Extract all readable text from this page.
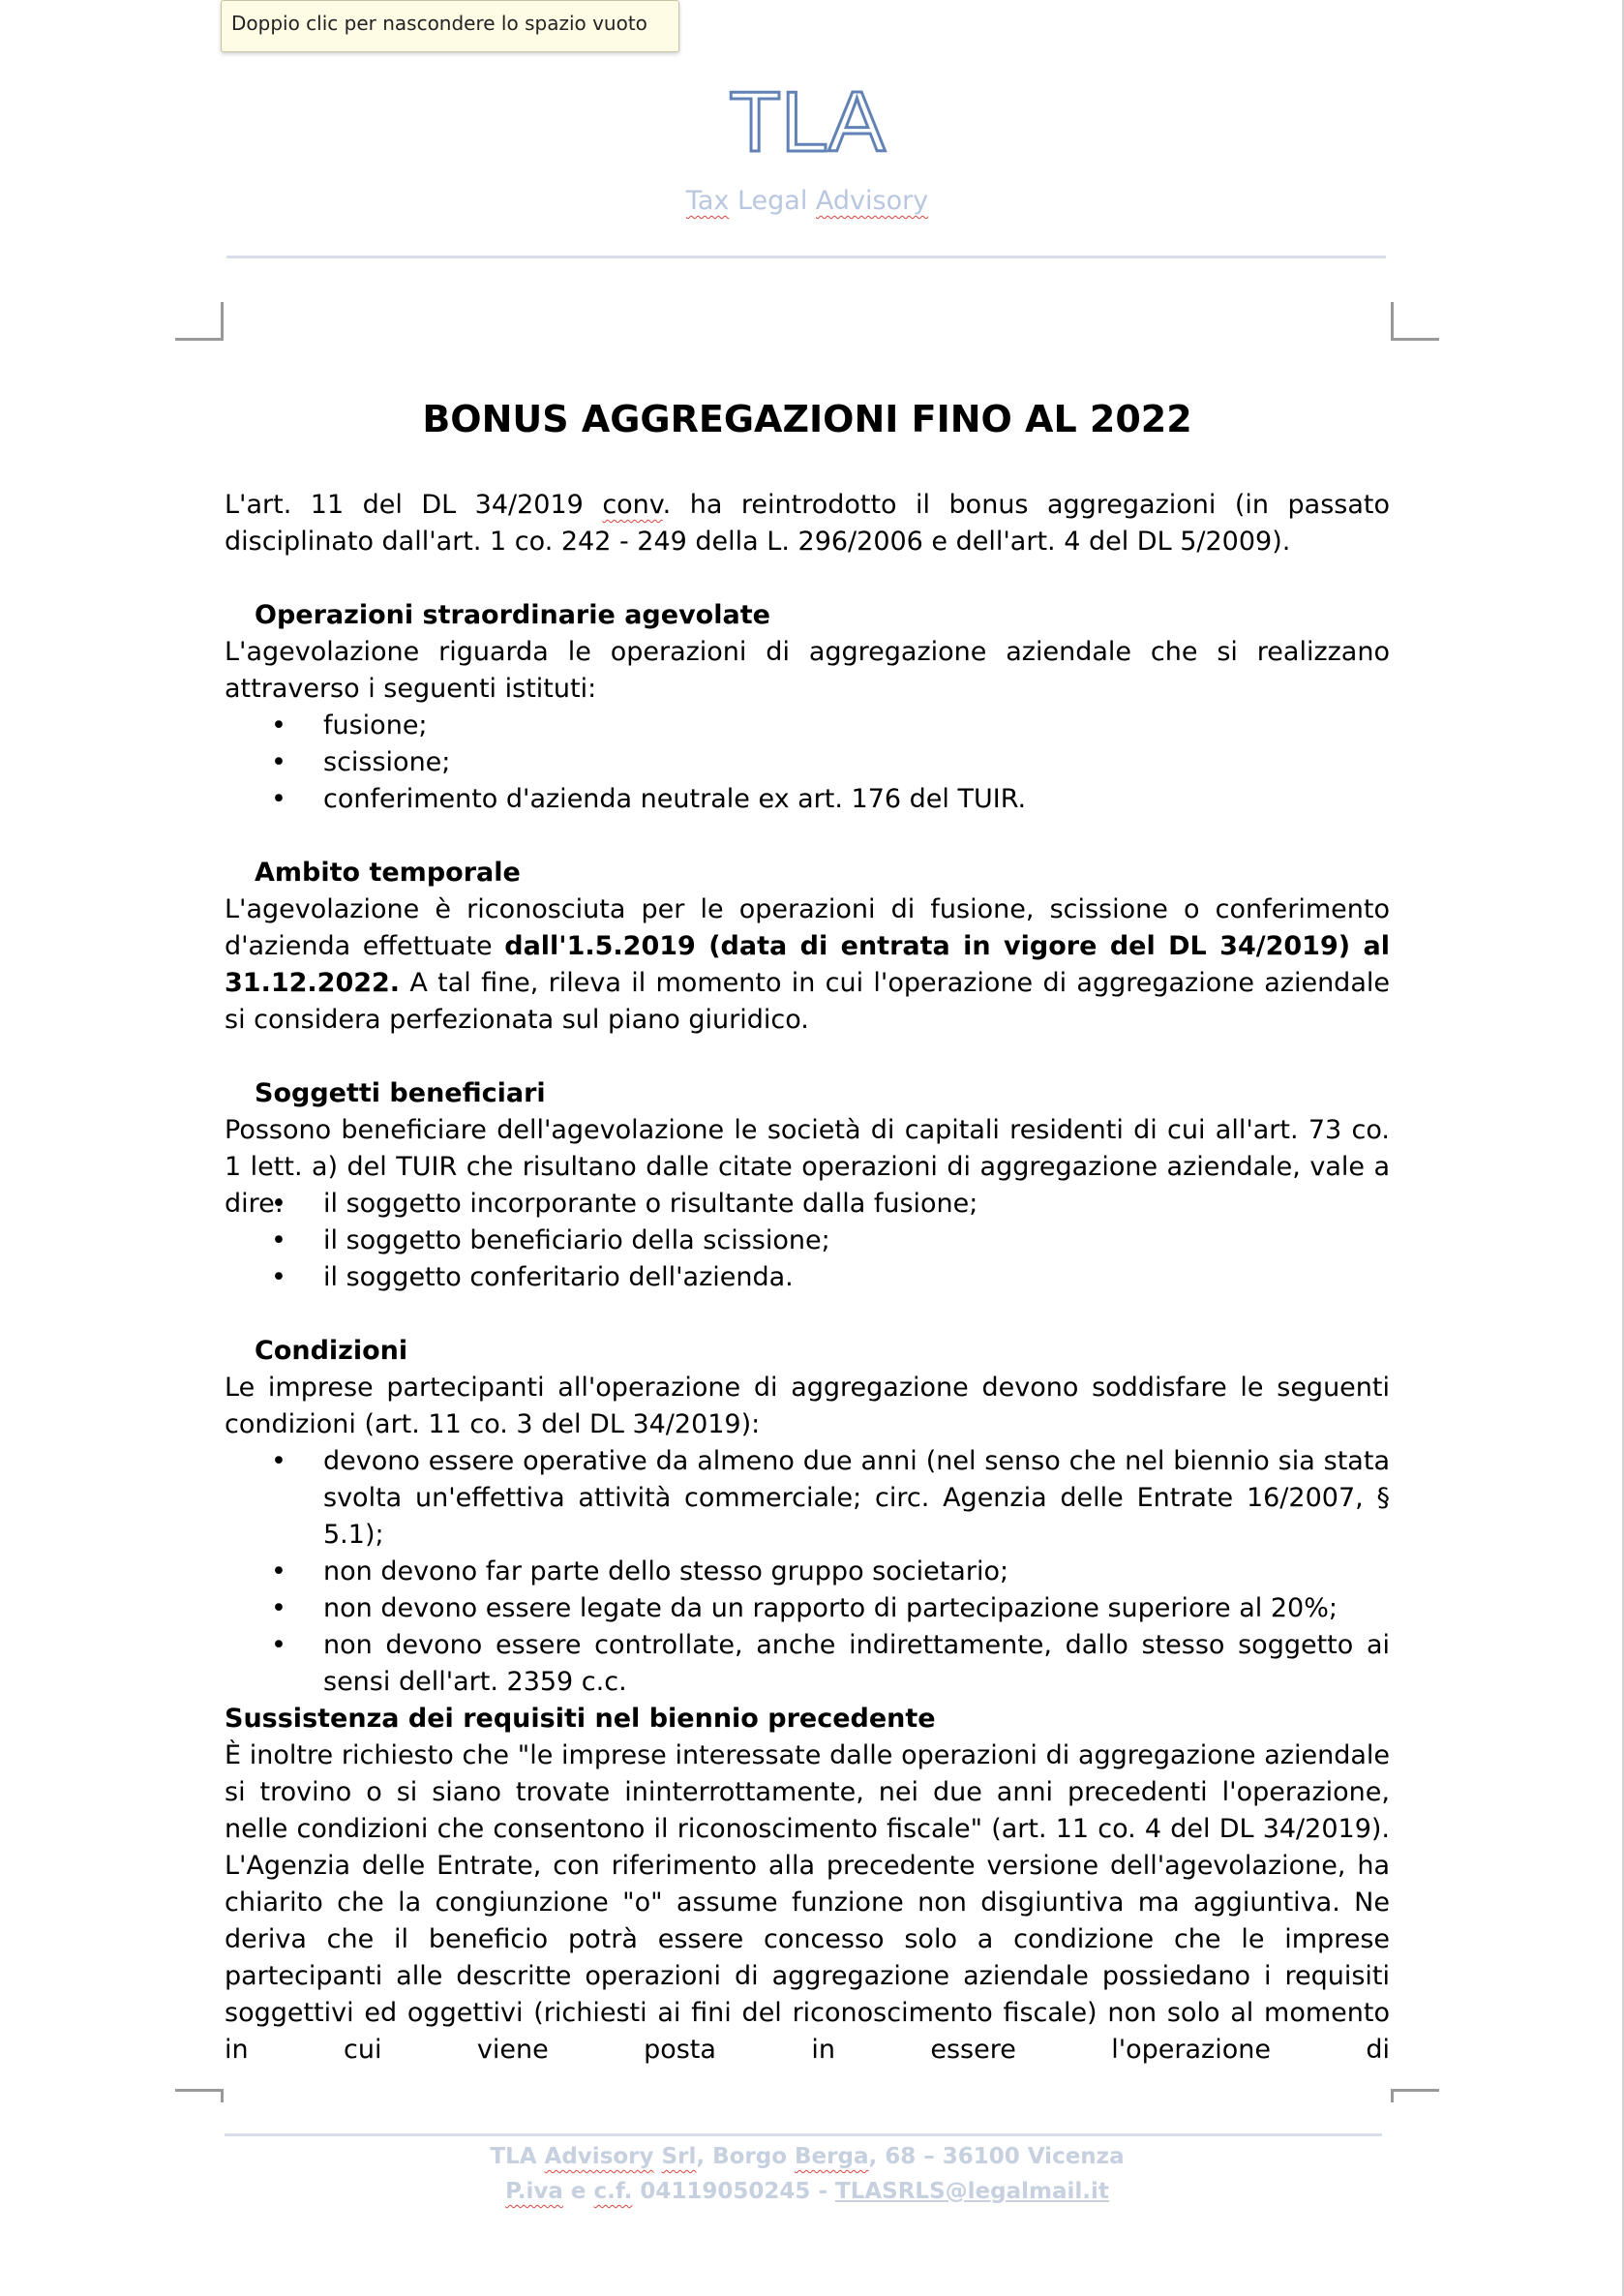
Doppio clic per nascondere lo spazio vuoto
TLA
Tax Legal Advisory
BONUS AGGREGAZIONI FINO AL 2022

L'art. 11 del DL 34/2019 conv. ha reintrodotto il bonus aggregazioni (in passato disciplinato dall'art. 1 co. 242 - 249 della L. 296/2006 e dell'art. 4 del DL 5/2009).

Operazioni straordinarie agevolate

L'agevolazione riguarda le operazioni di aggregazione aziendale che si realizzano attraverso i seguenti istituti:

• fusione;
• scissione;
• conferimento d'azienda neutrale ex art. 176 del TUIR.
Ambito temporale

L'agevolazione è riconosciuta per le operazioni di fusione, scissione o conferimento d'azienda effettuate dall'1.5.2019 (data di entrata in vigore del DL 34/2019) al 31.12.2022. A tal fine, rileva il momento in cui l'operazione di aggregazione aziendale si considera perfezionata sul piano giuridico.

Soggetti beneficiari

Possono beneficiare dell'agevolazione le società di capitali residenti di cui all'art. 73 co. 1 lett. a) del TUIR che risultano dalle citate operazioni di aggregazione aziendale, vale a dire:

•	il soggetto incorporante o risultante dalla fusione;
• il soggetto beneficiario della scissione;
• il soggetto conferitario dell'azienda.
Condizioni

Le imprese partecipanti all'operazione di aggregazione devono soddisfare le seguenti condizioni (art. 11 co. 3 del DL 34/2019):

• devono essere operative da almeno due anni (nel senso che nel biennio sia stata svolta un'effettiva attività commerciale; circ. Agenzia delle Entrate 16/2007, § 5.1);
• non devono far parte dello stesso gruppo societario;
• non devono essere legate da un rapporto di partecipazione superiore al 20%;
• non devono essere controllate, anche indirettamente, dallo stesso soggetto ai sensi dell'art. 2359 c.c.
Sussistenza dei requisiti nel biennio precedente

È inoltre richiesto che "le imprese interessate dalle operazioni di aggregazione aziendale si trovino o si siano trovate ininterrottamente, nei due anni precedenti l'operazione, nelle condizioni che consentono il riconoscimento fiscale" (art. 11 co. 4 del DL 34/2019). L'Agenzia delle Entrate, con riferimento alla precedente versione dell'agevolazione, ha chiarito che la congiunzione "o" assume funzione non disgiuntiva ma aggiuntiva. Ne deriva che il beneficio potrà essere concesso solo a condizione che le imprese partecipanti alle descritte operazioni di aggregazione aziendale possiedano i requisiti soggettivi ed oggettivi (richiesti ai fini del riconoscimento fiscale) non solo al momento in cui viene posta in essere l'operazione di

TLA Advisory Srl, Borgo Berga, 68 – 36100 Vicenza
P.iva e c.f. 04119050245 - TLASRLS@legalmail.it
